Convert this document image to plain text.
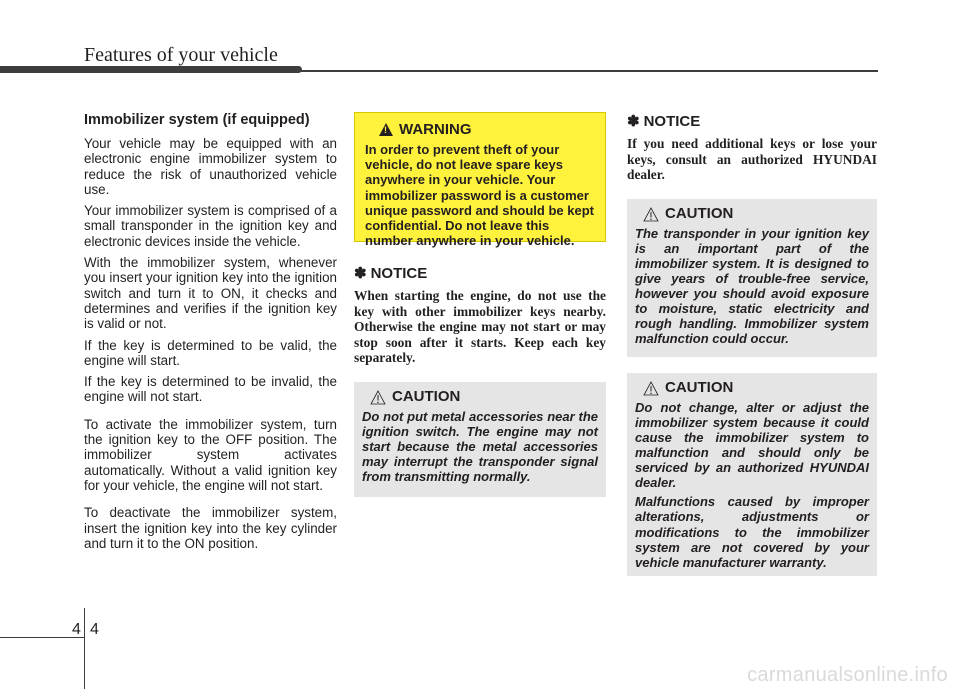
Features of your vehicle
Immobilizer system (if equipped)

Your vehicle may be equipped with an electronic engine immobilizer system to reduce the risk of unauthorized vehicle use.

Your immobilizer system is comprised of a small transponder in the ignition key and electronic devices inside the vehicle.

With the immobilizer system, whenever you insert your ignition key into the ignition switch and turn it to ON, it checks and determines and verifies if the ignition key is valid or not.

If the key is determined to be valid, the engine will start.

If the key is determined to be invalid, the engine will not start.

To activate the immobilizer system, turn the ignition key to the OFF position. The immobilizer system activates automatically. Without a valid ignition key for your vehicle, the engine will not start.

To deactivate the immobilizer system, insert the ignition key into the key cylinder and turn it to the ON position.

! WARNING
In order to prevent theft of your vehicle, do not leave spare keys anywhere in your vehicle. Your immobilizer password is a customer unique password and should be kept confidential. Do not leave this number anywhere in your vehicle.
✽ NOTICE

When starting the engine, do not use the key with other immobilizer keys nearby. Otherwise the engine may not start or may stop soon after it starts. Keep each key separately.

CAUTION

Do not put metal accessories near the ignition switch. The engine may not start because the metal accessories may interrupt the transponder signal from transmitting normally.

✽ NOTICE

If you need additional keys or lose your keys, consult an authorized HYUNDAI dealer.

CAUTION

The transponder in your ignition key is an important part of the immobilizer system. It is designed to give years of trouble-free service, however you should avoid exposure to moisture, static electricity and rough handling. Immobilizer system malfunction could occur.

CAUTION

Do not change, alter or adjust the immobilizer system because it could cause the immobilizer system to malfunction and should only be serviced by an authorized HYUNDAI dealer.

Malfunctions caused by improper alterations, adjustments or modifications to the immobilizer system are not covered by your vehicle manufacturer warranty.

4 4
carmanualsonline.info
